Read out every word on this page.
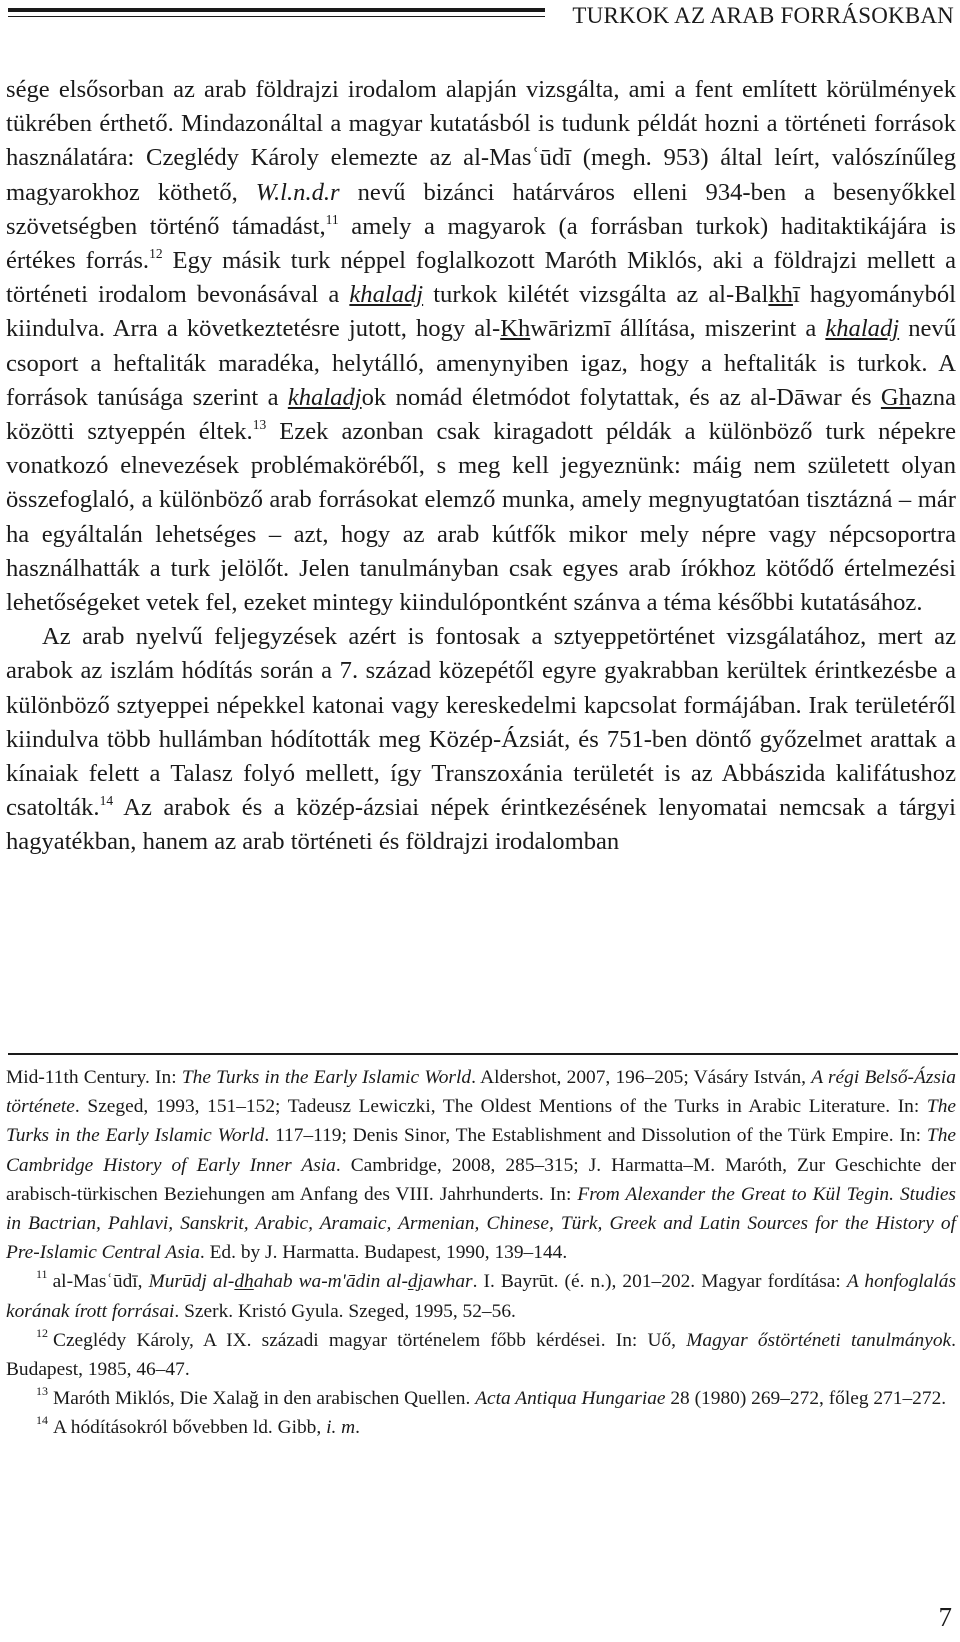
TURKOK AZ ARAB FORRÁSOKBAN

sége elsősorban az arab földrajzi irodalom alapján vizsgálta, ami a fent említett körülmények tükrében érthető. Mindazonáltal a magyar kutatásból is tudunk példát hozni a történeti források használatára: Czeglédy Károly elemezte az al-Masʿūdī (megh. 953) által leírt, valószínűleg magyarokhoz köthető, W.l.n.d.r nevű bizánci határváros elleni 934-ben a besenyőkkel szövetségben történő támadást,$^{11}$ amely a magyarok (a forrásban turkok) haditaktikájára is értékes forrás.$^{12}$ Egy másik turk néppel foglalkozott Maróth Miklós, aki a földrajzi mellett a történeti irodalom bevonásával a khaladj turkok kilétét vizsgálta az al-Balkhī hagyományból kiindulva. Arra a következtetésre jutott, hogy al-Khwārizmī állítása, miszerint a khaladj nevű csoport a heftaliták maradéka, helytálló, amenynyiben igaz, hogy a heftaliták is turkok. A források tanúsága szerint a khaladjok nomád életmódot folytattak, és az al-Dāwar és Ghazna közötti sztyeppén éltek.$^{13}$ Ezek azonban csak kiragadott példák a különböző turk népekre vonatkozó elnevezések problémaköréből, s meg kell jegyeznünk: máig nem született olyan összefoglaló, a különböző arab forrásokat elemző munka, amely megnyugtatóan tisztázná – már ha egyáltalán lehetséges – azt, hogy az arab kútfők mikor mely népre vagy népcsoportra használhatták a turk jelölőt. Jelen tanulmányban csak egyes arab írókhoz kötődő értelmezési lehetőségeket vetek fel, ezeket mintegy kiindulópontként szánva a téma későbbi kutatásához.

Az arab nyelvű feljegyzések azért is fontosak a sztyeppetörténet vizsgálatához, mert az arabok az iszlám hódítás során a 7. század közepétől egyre gyakrabban kerültek érintkezésbe a különböző sztyeppei népekkel katonai vagy kereskedelmi kapcsolat formájában. Irak területéről kiindulva több hullámban hódították meg Közép-Ázsiát, és 751-ben döntő győzelmet arattak a kínaiak felett a Talasz folyó mellett, így Transzoxánia területét is az Abbászida kalifátushoz csatolták.$^{14}$ Az arabok és a közép-ázsiai népek érintkezésének lenyomatai nemcsak a tárgyi hagyatékban, hanem az arab történeti és földrajzi irodalomban

Mid-11th Century. In: The Turks in the Early Islamic World. Aldershot, 2007, 196–205; Vásáry István, A régi Belső-Ázsia története. Szeged, 1993, 151–152; Tadeusz Lewiczki, The Oldest Mentions of the Turks in Arabic Literature. In: The Turks in the Early Islamic World. 117–119; Denis Sinor, The Establishment and Dissolution of the Türk Empire. In: The Cambridge History of Early Inner Asia. Cambridge, 2008, 285–315; J. Harmatta–M. Maróth, Zur Geschichte der arabisch-türkischen Beziehungen am Anfang des VIII. Jahrhunderts. In: From Alexander the Great to Kül Tegin. Studies in Bactrian, Pahlavi, Sanskrit, Arabic, Aramaic, Armenian, Chinese, Türk, Greek and Latin Sources for the History of Pre-Islamic Central Asia. Ed. by J. Harmatta. Budapest, 1990, 139–144.

$^{11}$ al-Masʿūdī, Murūdj al-dhahab wa-m'ādin al-djawhar. I. Bayrūt. (é. n.), 201–202. Magyar fordítása: A honfoglalás korának írott forrásai. Szerk. Kristó Gyula. Szeged, 1995, 52–56.

$^{12}$ Czeglédy Károly, A IX. századi magyar történelem főbb kérdései. In: Uő, Magyar őstörténeti tanulmányok. Budapest, 1985, 46–47.

$^{13}$ Maróth Miklós, Die Xalağ in den arabischen Quellen. Acta Antiqua Hungariae 28 (1980) 269–272, főleg 271–272.

$^{14}$ A hódításokról bővebben ld. Gibb, i. m.

7
